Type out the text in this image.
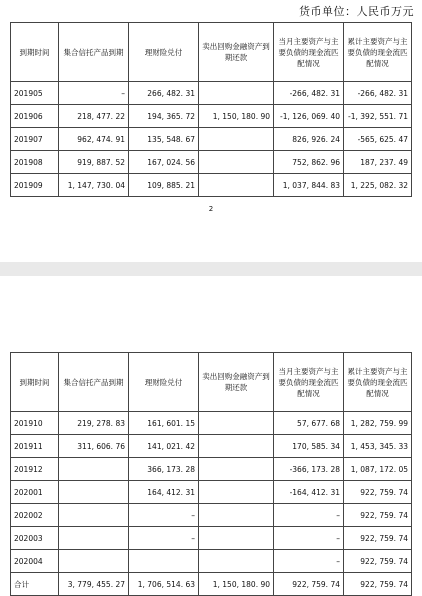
货币单位：人民币万元
到期时间	集合信托产品到期	理财险兑付	卖出回购金融资产到期还款	当月主要资产与主要负债的现金流匹配情况	累计主要资产与主要负债的现金流匹配情况
201905	–	266, 482. 31		-266, 482. 31	-266, 482. 31
201906	218, 477. 22	194, 365. 72	1, 150, 180. 90	-1, 126, 069. 40	-1, 392, 551. 71
201907	962, 474. 91	135, 548. 67		826, 926. 24	-565, 625. 47
201908	919, 887. 52	167, 024. 56		752, 862. 96	187, 237. 49
201909	1, 147, 730. 04	109, 885. 21		1, 037, 844. 83	1, 225, 082. 32
2
到期时间	集合信托产品到期	理财险兑付	卖出回购金融资产到期还款	当月主要资产与主要负债的现金流匹配情况	累计主要资产与主要负债的现金流匹配情况
201910	219, 278. 83	161, 601. 15		57, 677. 68	1, 282, 759. 99
201911	311, 606. 76	141, 021. 42		170, 585. 34	1, 453, 345. 33
201912		366, 173. 28		-366, 173. 28	1, 087, 172. 05
202001		164, 412. 31		-164, 412. 31	922, 759. 74
202002		–		–	922, 759. 74
202003		–		–	922, 759. 74
202004				–	922, 759. 74
合计	3, 779, 455. 27	1, 706, 514. 63	1, 150, 180. 90	922, 759. 74	922, 759. 74
